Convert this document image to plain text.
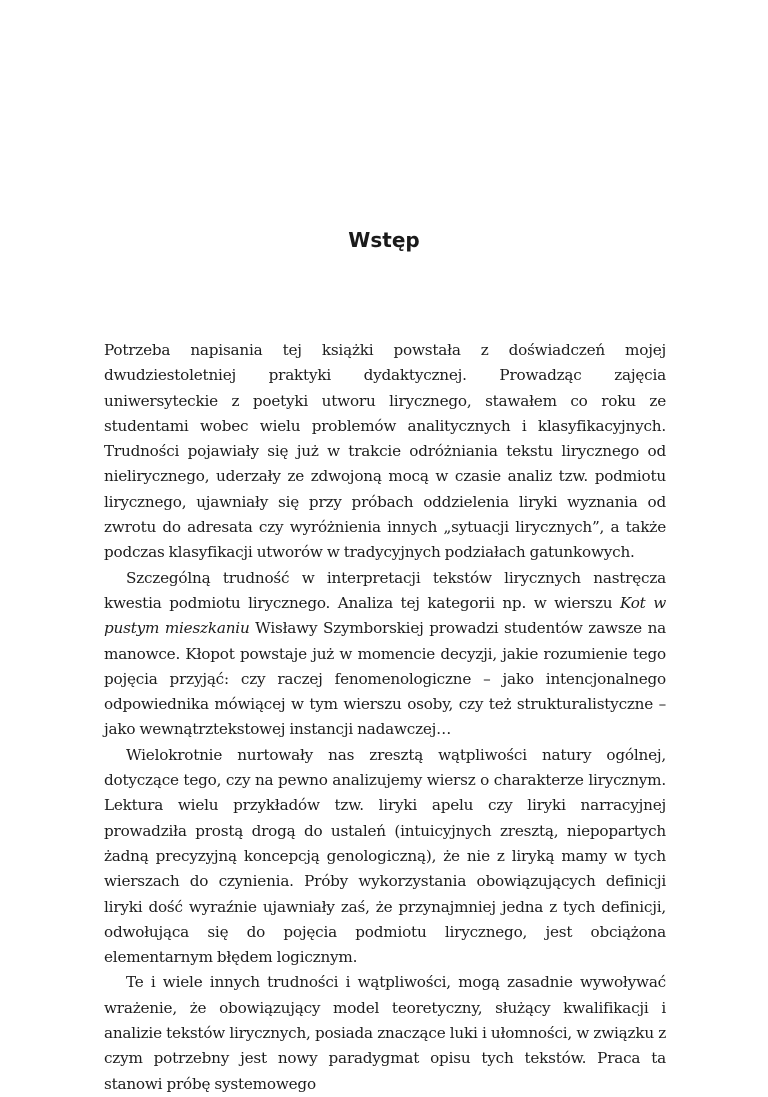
Wstęp

Potrzeba napisania tej książki powstała z doświadczeń mojej dwudziestoletniej praktyki dydaktycznej. Prowadząc zajęcia uniwersyteckie z poetyki utworu lirycznego, stawałem co roku ze studentami wobec wielu problemów analitycznych i klasyfikacyjnych. Trudności pojawiały się już w trakcie odróżniania tekstu lirycznego od nielirycznego, uderzały ze zdwojoną mocą w czasie analiz tzw. podmiotu lirycznego, ujawniały się przy próbach oddzielenia liryki wyznania od zwrotu do adresata czy wyróżnienia innych „sytuacji lirycznych”, a także podczas klasyfikacji utworów w tradycyjnych podziałach gatunkowych.

Szczególną trudność w interpretacji tekstów lirycznych nastręcza kwestia podmiotu lirycznego. Analiza tej kategorii np. w wierszu Kot w pustym mieszkaniu Wisławy Szymborskiej prowadzi studentów zawsze na manowce. Kłopot powstaje już w momencie decyzji, jakie rozumienie tego pojęcia przyjąć: czy raczej fenomenologiczne – jako intencjonalnego odpowiednika mówiącej w tym wierszu osoby, czy też strukturalistyczne – jako wewnątrztekstowej instancji nadawczej…

Wielokrotnie nurtowały nas zresztą wątpliwości natury ogólnej, dotyczące tego, czy na pewno analizujemy wiersz o charakterze lirycznym. Lektura wielu przykładów tzw. liryki apelu czy liryki narracyjnej prowadziła prostą drogą do ustaleń (intuicyjnych zresztą, niepopartych żadną precyzyjną koncepcją genologiczną), że nie z liryką mamy w tych wierszach do czynienia. Próby wykorzystania obowiązujących definicji liryki dość wyraźnie ujawniały zaś, że przynajmniej jedna z tych definicji, odwołująca się do pojęcia podmiotu lirycznego, jest obciążona elementarnym błędem logicznym.

Te i wiele innych trudności i wątpliwości, mogą zasadnie wywoływać wrażenie, że obowiązujący model teoretyczny, służący kwalifikacji i analizie tekstów lirycznych, posiada znaczące luki i ułomności, w związku z czym potrzebny jest nowy paradygmat opisu tych tekstów. Praca ta stanowi próbę systemowego
